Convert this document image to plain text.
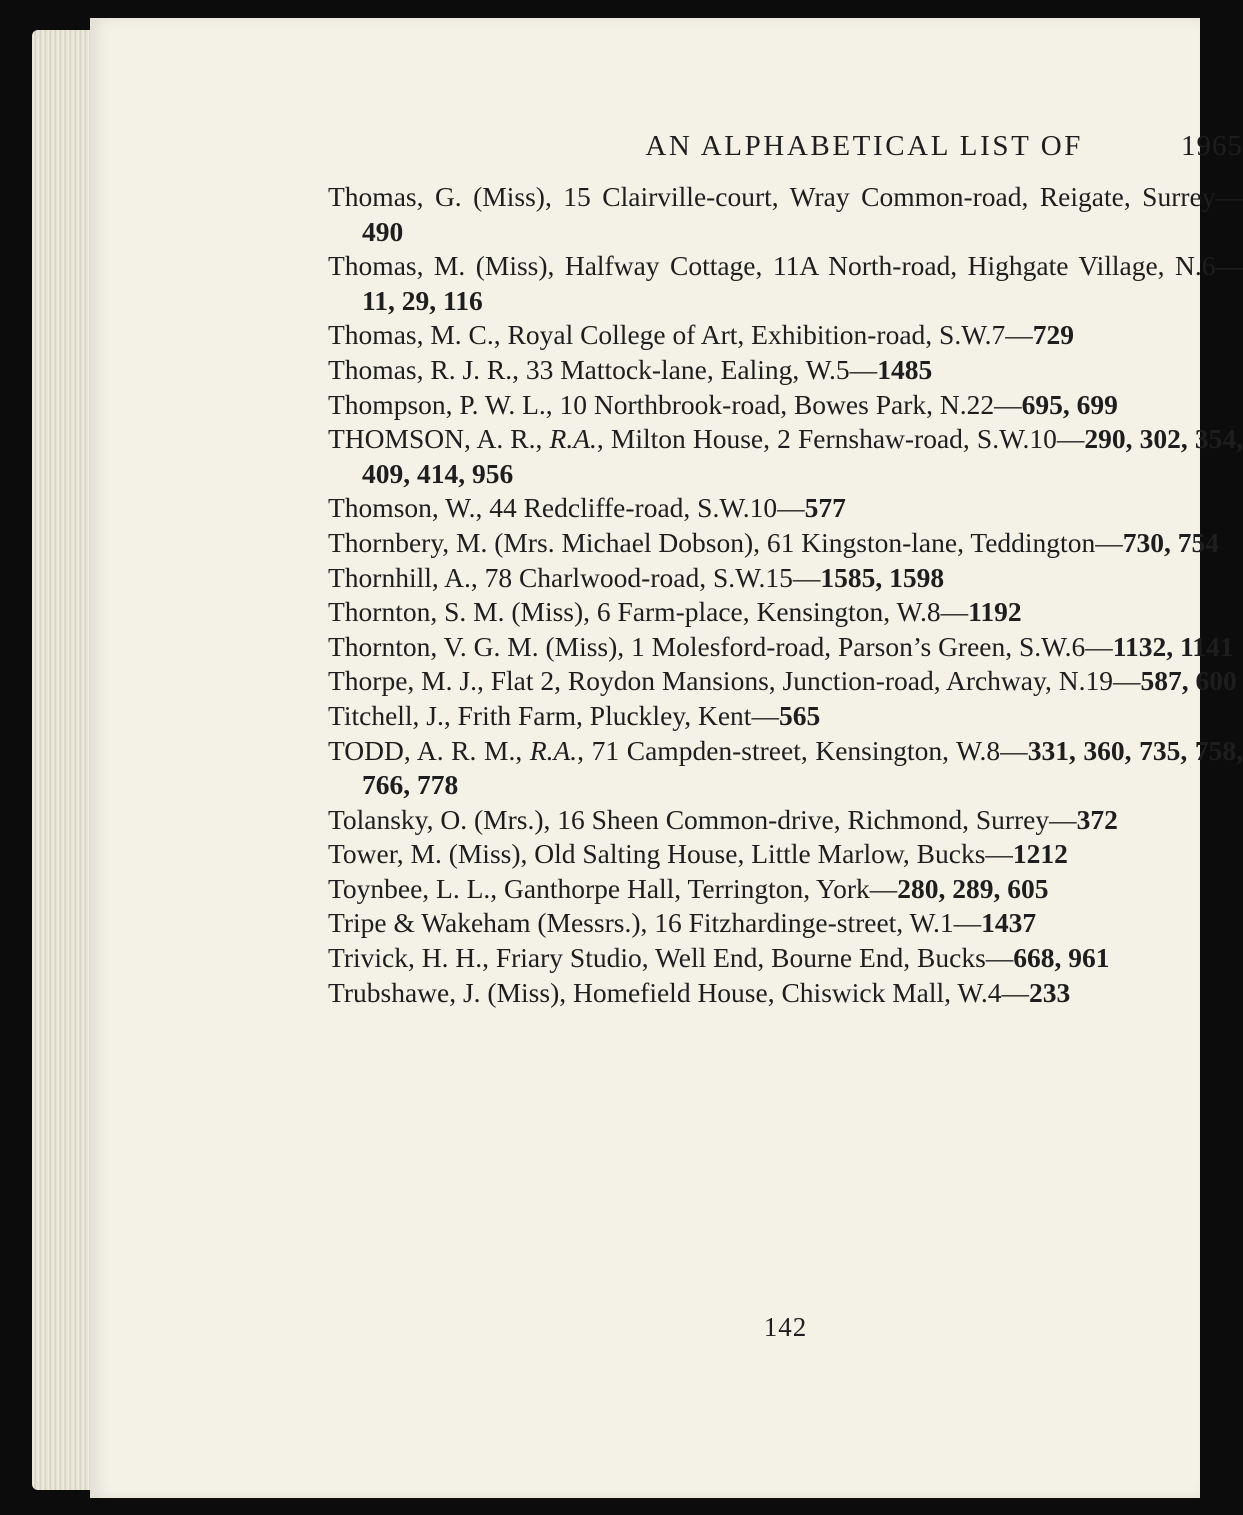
AN ALPHABETICAL LIST OF	1965
Thomas, G. (Miss), 15 Clairville-court, Wray Common-road, Reigate, Surrey—490
Thomas, M. (Miss), Halfway Cottage, 11A North-road, Highgate Village, N.6—11, 29, 116
Thomas, M. C., Royal College of Art, Exhibition-road, S.W.7—729
Thomas, R. J. R., 33 Mattock-lane, Ealing, W.5—1485
Thompson, P. W. L., 10 Northbrook-road, Bowes Park, N.22—695, 699
THOMSON, A. R., R.A., Milton House, 2 Fernshaw-road, S.W.10—290, 302, 354, 409, 414, 956
Thomson, W., 44 Redcliffe-road, S.W.10—577
Thornbery, M. (Mrs. Michael Dobson), 61 Kingston-lane, Teddington—730, 754
Thornhill, A., 78 Charlwood-road, S.W.15—1585, 1598
Thornton, S. M. (Miss), 6 Farm-place, Kensington, W.8—1192
Thornton, V. G. M. (Miss), 1 Molesford-road, Parson’s Green, S.W.6—1132, 1141
Thorpe, M. J., Flat 2, Roydon Mansions, Junction-road, Archway, N.19—587, 600
Titchell, J., Frith Farm, Pluckley, Kent—565
TODD, A. R. M., R.A., 71 Campden-street, Kensington, W.8—331, 360, 735, 758, 766, 778
Tolansky, O. (Mrs.), 16 Sheen Common-drive, Richmond, Surrey—372
Tower, M. (Miss), Old Salting House, Little Marlow, Bucks—1212
Toynbee, L. L., Ganthorpe Hall, Terrington, York—280, 289, 605
Tripe & Wakeham (Messrs.), 16 Fitzhardinge-street, W.1—1437
Trivick, H. H., Friary Studio, Well End, Bourne End, Bucks—668, 961
Trubshawe, J. (Miss), Homefield House, Chiswick Mall, W.4—233
142
